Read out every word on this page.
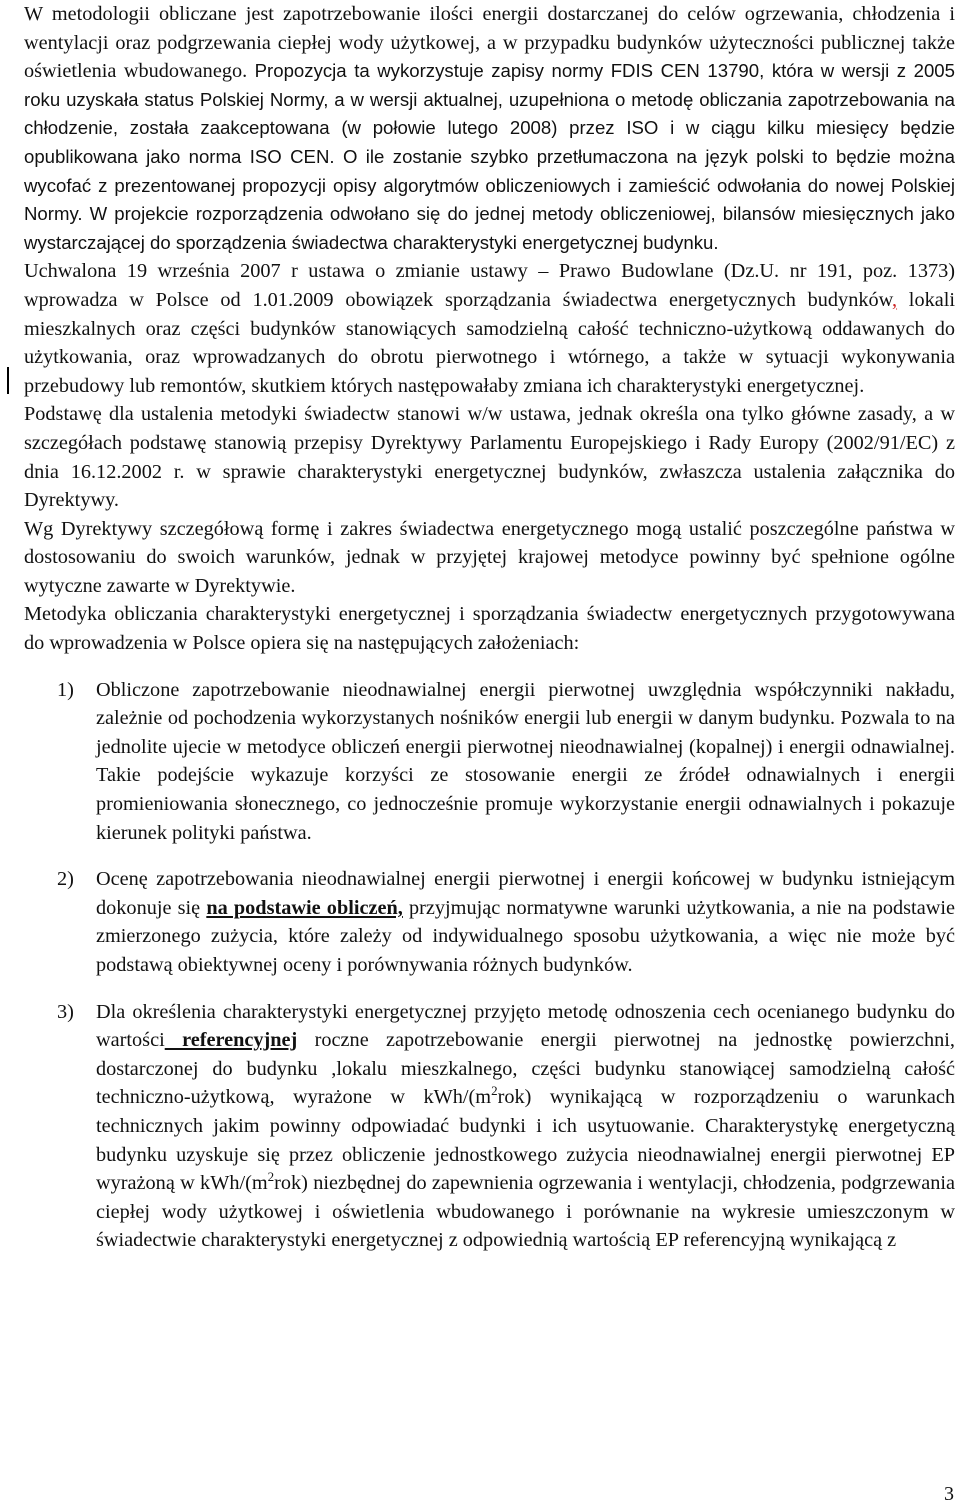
W metodologii obliczane jest zapotrzebowanie ilości energii dostarczanej do celów ogrzewania, chłodzenia i wentylacji oraz podgrzewania ciepłej wody użytkowej, a w przypadku budynków użyteczności publicznej także oświetlenia wbudowanego. Propozycja ta wykorzystuje zapisy normy FDIS CEN 13790, która w wersji z 2005 roku uzyskała status Polskiej Normy, a w wersji aktualnej, uzupełniona o metodę obliczania zapotrzebowania na chłodzenie, została zaakceptowana (w połowie lutego 2008) przez ISO i w ciągu kilku miesięcy będzie opublikowana jako norma ISO CEN. O ile zostanie szybko przetłumaczona na język polski to będzie można wycofać z prezentowanej propozycji opisy algorytmów obliczeniowych i zamieścić odwołania do nowej Polskiej Normy. W projekcie rozporządzenia odwołano się do jednej metody obliczeniowej, bilansów miesięcznych jako wystarczającej do sporządzenia świadectwa charakterystyki energetycznej budynku.

Uchwalona 19 września 2007 r ustawa o zmianie ustawy – Prawo Budowlane (Dz.U. nr 191, poz. 1373) wprowadza w Polsce od 1.01.2009 obowiązek sporządzania świadectwa energetycznych budynków, lokali mieszkalnych oraz części budynków stanowiących samodzielną całość techniczno-użytkową oddawanych do użytkowania, oraz wprowadzanych do obrotu pierwotnego i wtórnego, a także w sytuacji wykonywania przebudowy lub remontów, skutkiem których następowałaby zmiana ich charakterystyki energetycznej.

Podstawę dla ustalenia metodyki świadectw stanowi w/w ustawa, jednak określa ona tylko główne zasady, a w szczegółach podstawę stanowią przepisy Dyrektywy Parlamentu Europejskiego i Rady Europy (2002/91/EC) z dnia 16.12.2002 r. w sprawie charakterystyki energetycznej budynków, zwłaszcza ustalenia załącznika do Dyrektywy.

Wg Dyrektywy szczegółową formę i zakres świadectwa energetycznego mogą ustalić poszczególne państwa w dostosowaniu do swoich warunków, jednak w przyjętej krajowej metodyce powinny być spełnione ogólne wytyczne zawarte w Dyrektywie.

Metodyka obliczania charakterystyki energetycznej i sporządzania świadectw energetycznych przygotowywana do wprowadzenia w Polsce opiera się na następujących założeniach:

1) Obliczone zapotrzebowanie nieodnawialnej energii pierwotnej uwzględnia współczynniki nakładu, zależnie od pochodzenia wykorzystanych nośników energii lub energii w danym budynku. Pozwala to na jednolite ujecie w metodyce obliczeń energii pierwotnej nieodnawialnej (kopalnej) i energii odnawialnej. Takie podejście wykazuje korzyści ze stosowanie energii ze źródeł odnawialnych i energii promieniowania słonecznego, co jednocześnie promuje wykorzystanie energii odnawialnych i pokazuje kierunek polityki państwa.
2) Ocenę zapotrzebowania nieodnawialnej energii pierwotnej i energii końcowej w budynku istniejącym dokonuje się na podstawie obliczeń, przyjmując normatywne warunki użytkowania, a nie na podstawie zmierzonego zużycia, które zależy od indywidualnego sposobu użytkowania, a więc nie może być podstawą obiektywnej oceny i porównywania różnych budynków.
3) Dla określenia charakterystyki energetycznej przyjęto metodę odnoszenia cech ocenianego budynku do wartości referencyjnej roczne zapotrzebowanie energii pierwotnej na jednostkę powierzchni, dostarczonej do budynku ,lokalu mieszkalnego, części budynku stanowiącej samodzielną całość techniczno-użytkową, wyrażone w kWh/$(m^2rok)$ wynikającą w rozporządzeniu o warunkach technicznych jakim powinny odpowiadać budynki i ich usytuowanie. Charakterystykę energetyczną budynku uzyskuje się przez obliczenie jednostkowego zużycia nieodnawialnej energii pierwotnej EP wyrażoną w kWh/$(m^2rok)$ niezbędnej do zapewnienia ogrzewania i wentylacji, chłodzenia, podgrzewania ciepłej wody użytkowej i oświetlenia wbudowanego i porównanie na wykresie umieszczonym w świadectwie charakterystyki energetycznej z odpowiednią wartością EP referencyjną wynikającą z
3
